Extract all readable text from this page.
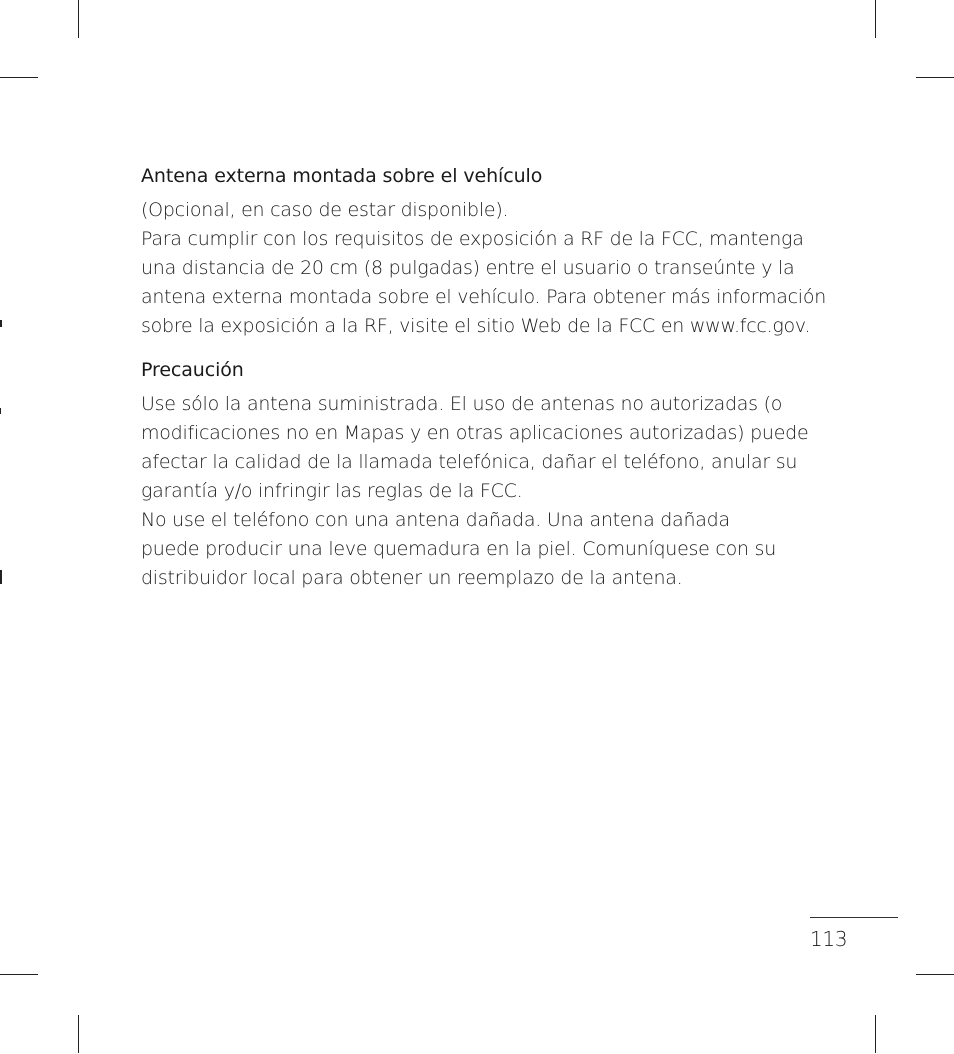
Antena externa montada sobre el vehículo

(Opcional, en caso de estar disponible).
Para cumplir con los requisitos de exposición a RF de la FCC, mantenga
una distancia de 20 cm (8 pulgadas) entre el usuario o transeúnte y la
antena externa montada sobre el vehículo. Para obtener más información
sobre la exposición a la RF, visite el sitio Web de la FCC en www.fcc.gov.

Precaución

Use sólo la antena suministrada. El uso de antenas no autorizadas (o
modificaciones no en Mapas y en otras aplicaciones autorizadas) puede
afectar la calidad de la llamada telefónica, dañar el teléfono, anular su
garantía y/o infringir las reglas de la FCC.
No use el teléfono con una antena dañada. Una antena dañada
puede producir una leve quemadura en la piel. Comuníquese con su
distribuidor local para obtener un reemplazo de la antena.

113
